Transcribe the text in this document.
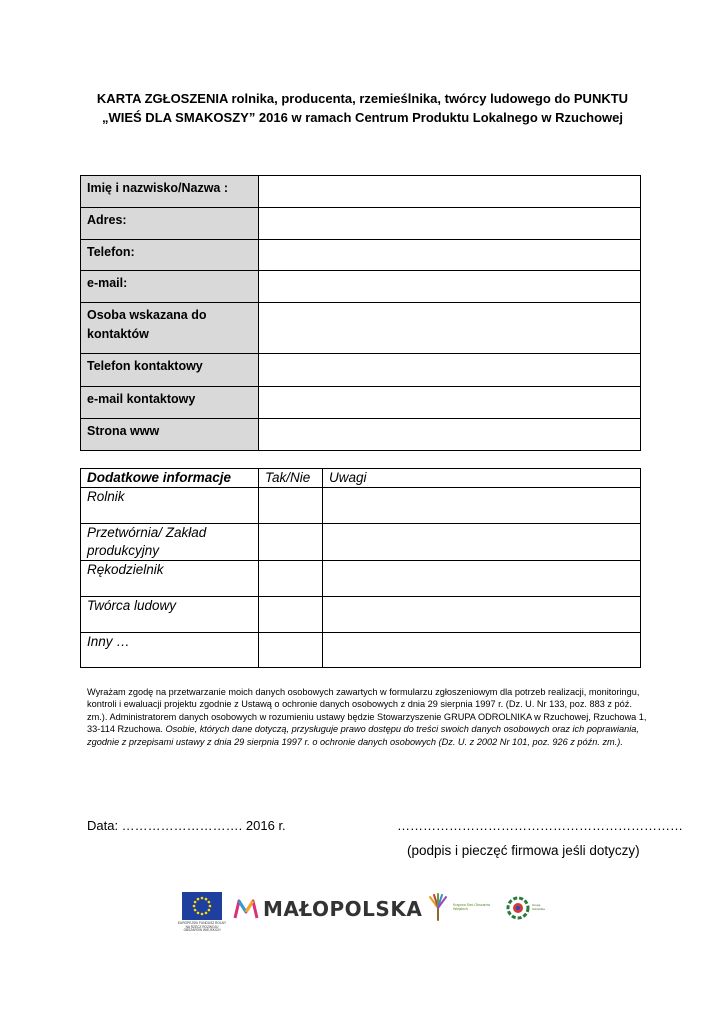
KARTA ZGŁOSZENIA rolnika, producenta, rzemieślnika, twórcy ludowego do PUNKTU
„WIEŚ DLA SMAKOSZY” 2016 w ramach Centrum Produktu Lokalnego w Rzuchowej
Imię i nazwisko/Nazwa :	

Adres:	

Telefon:	

e-mail:	

Osoba wskazana do kontaktów	

Telefon kontaktowy	

e-mail kontaktowy	

Strona www	

Dodatkowe informacje	Tak/Nie	Uwagi
Rolnik		
Przetwórnia/ Zakład produkcyjny		
Rękodzielnik		
Twórca ludowy		
Inny …		
Wyrażam zgodę na przetwarzanie moich danych osobowych zawartych w formularzu zgłoszeniowym dla potrzeb realizacji, monitoringu, kontroli i ewaluacji projektu zgodnie z Ustawą o ochronie danych osobowych z dnia 29 sierpnia 1997 r. (Dz. U. Nr 133, poz. 883 z póź. zm.). Administratorem danych osobowych w rozumieniu ustawy będzie Stowarzyszenie GRUPA ODROLNIKA w Rzuchowej, Rzuchowa 1, 33-114 Rzuchowa. Osobie, których dane dotyczą, przysługuje prawo dostępu do treści swoich danych osobowych oraz ich poprawiania, zgodnie z przepisami ustawy z dnia 29 sierpnia 1997 r. o ochronie danych osobowych (Dz. U. z 2002 Nr 101, poz. 926 z późn. zm.).
Data: ………………………. 2016 r.	…………………………………………………………
(podpis i pieczęć firmowa jeśli dotyczy)
EUROPEJSKI FUNDUSZ ROLNY NA RZECZ ROZWOJU OBSZARÓW WIEJSKICH
MAŁOPOLSKA	Krajowa Sieć Obszarów Wiejskich
Grupa Odrolnika
